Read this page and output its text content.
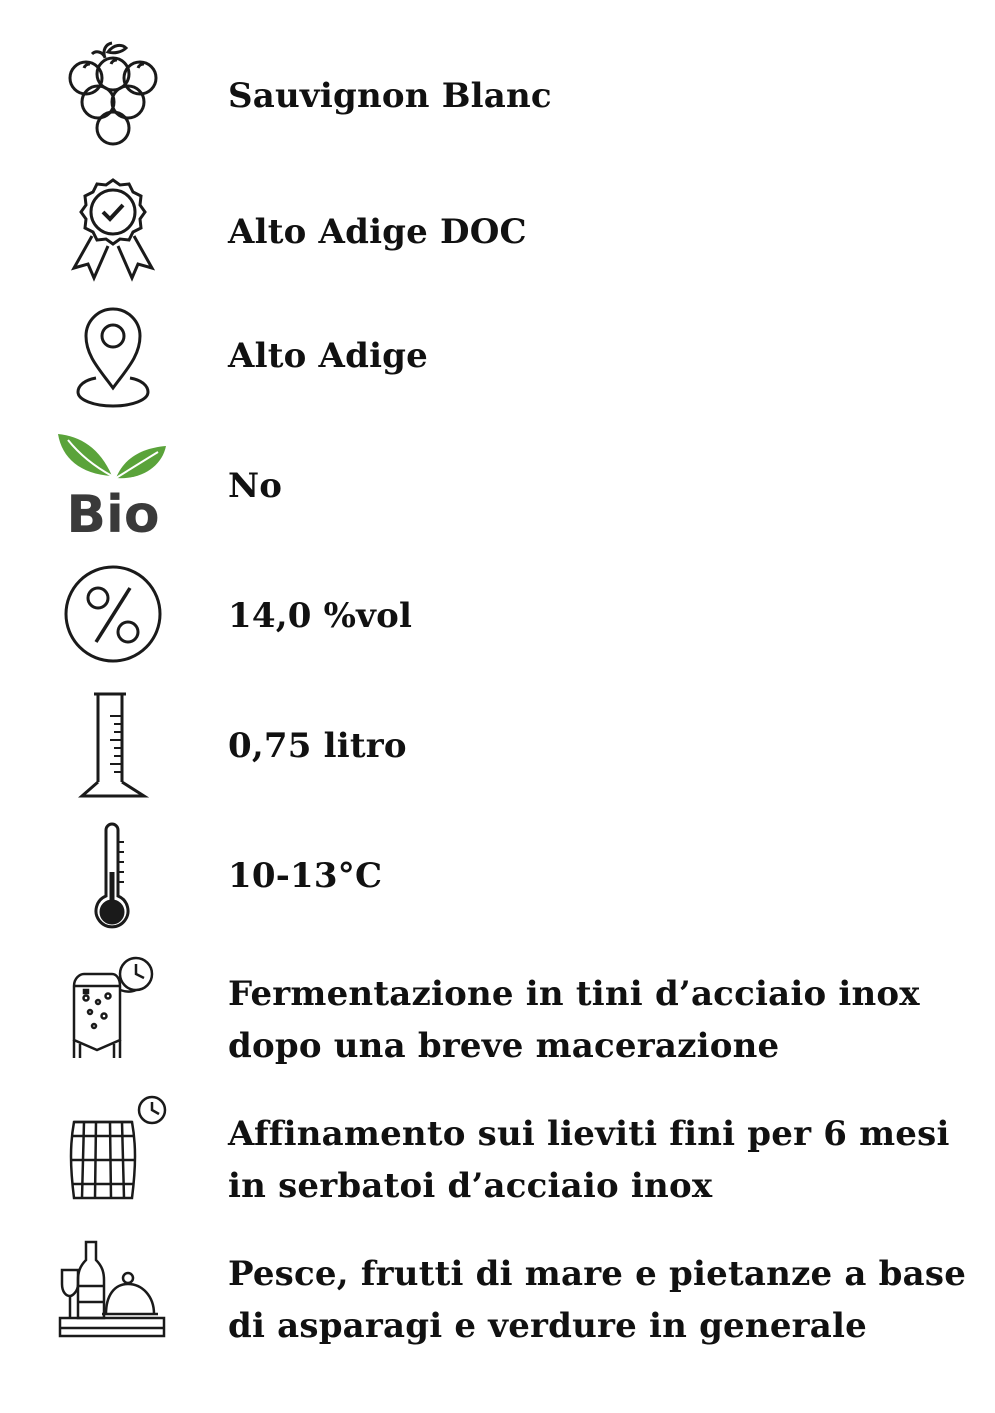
Sauvignon Blanc

Alto Adige DOC

Alto Adige

Bio No

14,0 %vol

0,75 litro

10-13°C

Fermentazione in tini d’acciaio inox
dopo una breve macerazione

Affinamento sui lieviti fini per 6 mesi
in serbatoi d’acciaio inox

Pesce, frutti di mare e pietanze a base
di asparagi e verdure in generale
